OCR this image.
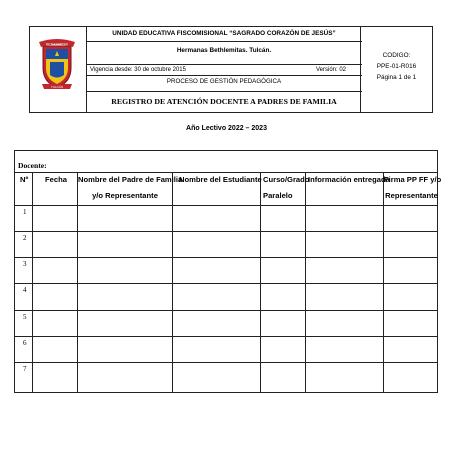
BETHLEMITAS
TULCÁN
UNIDAD EDUCATIVA FISCOMISIONAL “SAGRADO CORAZÓN DE JESÚS”
Hermanas Bethlemitas. Tulcán.
Vigencia desde: 30 de octubre 2015	Versión: 02
PROCESO DE GESTIÓN PEDAGÓGICA
REGISTRO DE ATENCIÓN DOCENTE A PADRES DE FAMILIA
CODIGO:
PPE-01-R016
Página 1 de 1
Año Lectivo 2022 – 2023
Docente:
Nº Fecha Nombre del Padre de Familia
y/o Representante
Nombre del Estudiante Curso/Grado
Paralelo
Información entregada
Firma PP FF y/o
Representante
1
2
3
4
5
6
7
